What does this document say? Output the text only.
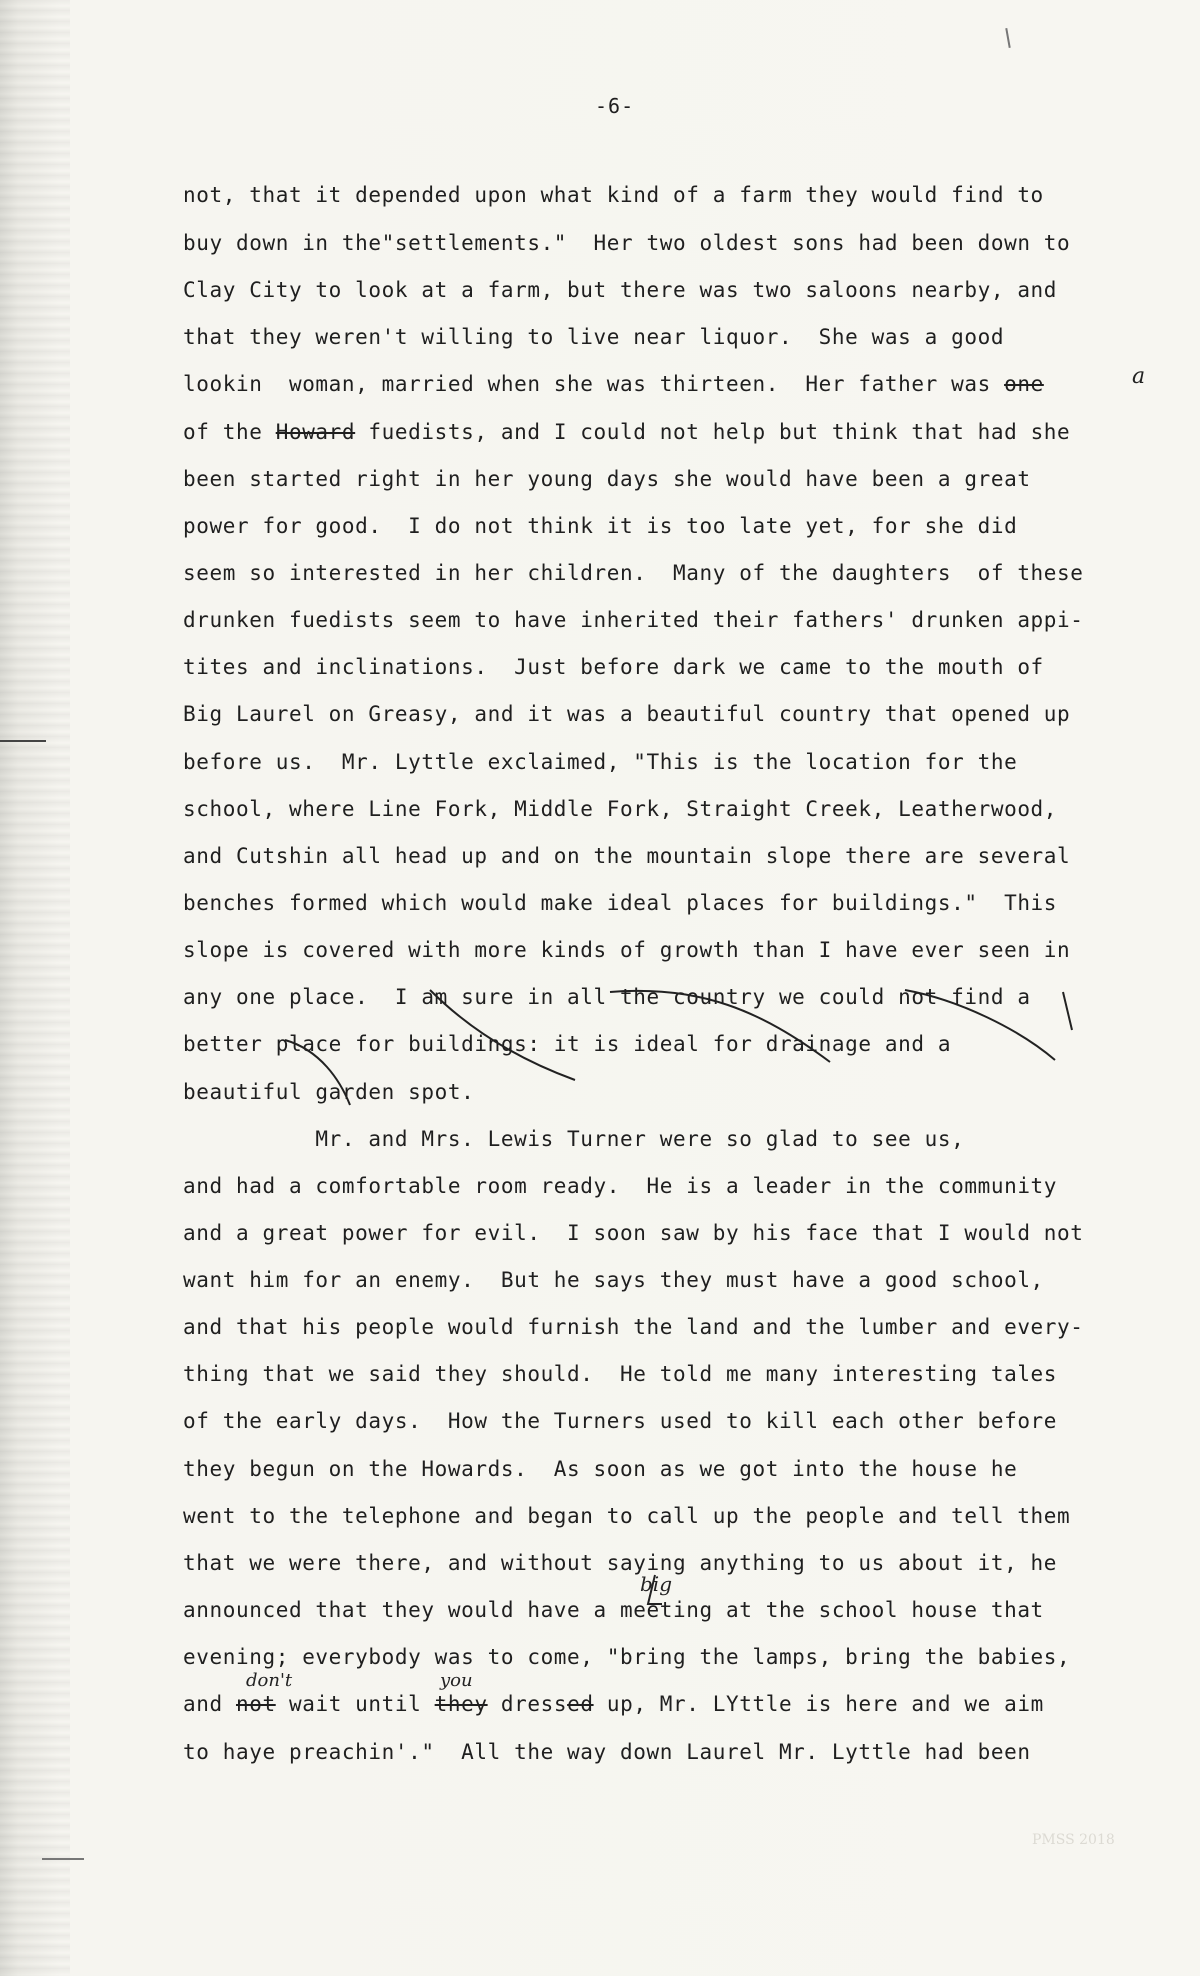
-6-
not, that it depended upon what kind of a farm they would find to
buy down in the"settlements."  Her two oldest sons had been down to
Clay City to look at a farm, but there was two saloons nearby, and
that they weren't willing to live near liquor.  She was a good
lookin  woman, married when she was thirteen.  Her father was one
of the Howard fuedists, and I could not help but think that had she
been started right in her young days she would have been a great
power for good.  I do not think it is too late yet, for she did
seem so interested in her children.  Many of the daughters  of these
drunken fuedists seem to have inherited their fathers' drunken appi-
tites and inclinations.  Just before dark we came to the mouth of
Big Laurel on Greasy, and it was a beautiful country that opened up
before us.  Mr. Lyttle exclaimed, "This is the location for the
school, where Line Fork, Middle Fork, Straight Creek, Leatherwood,
and Cutshin all head up and on the mountain slope there are several
benches formed which would make ideal places for buildings."  This
slope is covered with more kinds of growth than I have ever seen in
any one place.  I am sure in all the country we could not find a
better place for buildings: it is ideal for drainage and a
beautiful garden spot.
Mr. and Mrs. Lewis Turner were so glad to see us,
and had a comfortable room ready.  He is a leader in the community
and a great power for evil.  I soon saw by his face that I would not
want him for an enemy.  But he says they must have a good school,
and that his people would furnish the land and the lumber and every-
thing that we said they should.  He told me many interesting tales
of the early days.  How the Turners used to kill each other before
they begun on the Howards.  As soon as we got into the house he
went to the telephone and began to call up the people and tell them
that we were there, and without saying anything to us about it, he
announced that they would have a meeting at the school house that
evening; everybody was to come, "bring the lamps, bring the babies,
and not wait until they dressed up, Mr. LYttle is here and we aim
to haye preachin'."  All the way down Laurel Mr. Lyttle had been
a
big
don't	you
PMSS 2018
